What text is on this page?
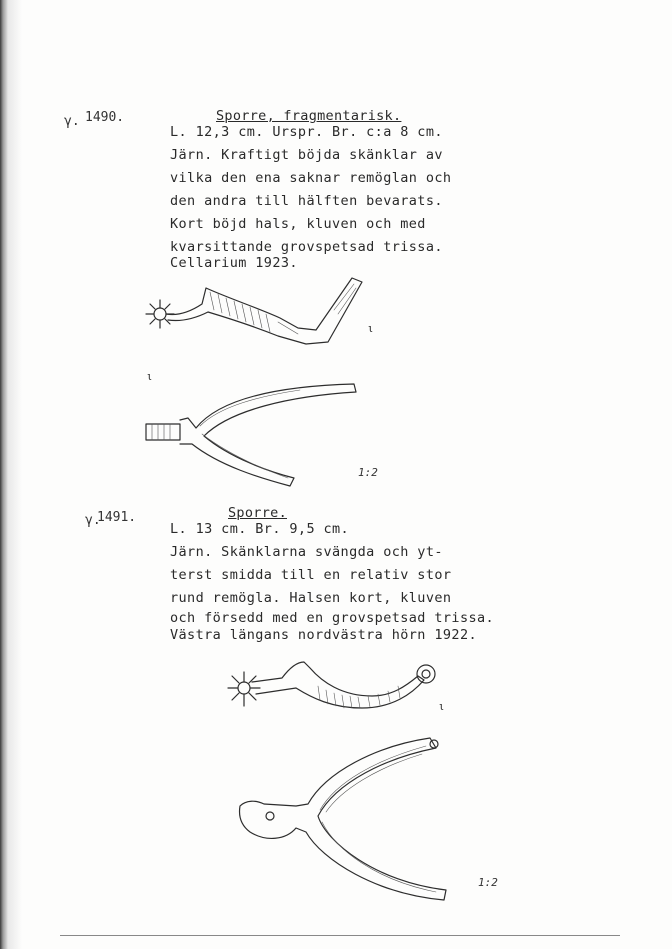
γ. 1490.	Sporre, fragmentarisk.
L. 12,3 cm. Urspr. Br. c:a 8 cm.
Järn. Kraftigt böjda skänklar av
vilka den ena saknar remöglan och
den andra till hälften bevarats.
Kort böjd hals, kluven och med
kvarsittande grovspetsad trissa.
Cellarium 1923.
ι
ι
1:2
γ.
1491.	Sporre.
L. 13 cm. Br. 9,5 cm.
Järn. Skänklarna svängda och yt-
terst smidda till en relativ stor
rund remögla. Halsen kort, kluven
och försedd med en grovspetsad trissa.
Västra längans nordvästra hörn 1922.
ι
1:2
